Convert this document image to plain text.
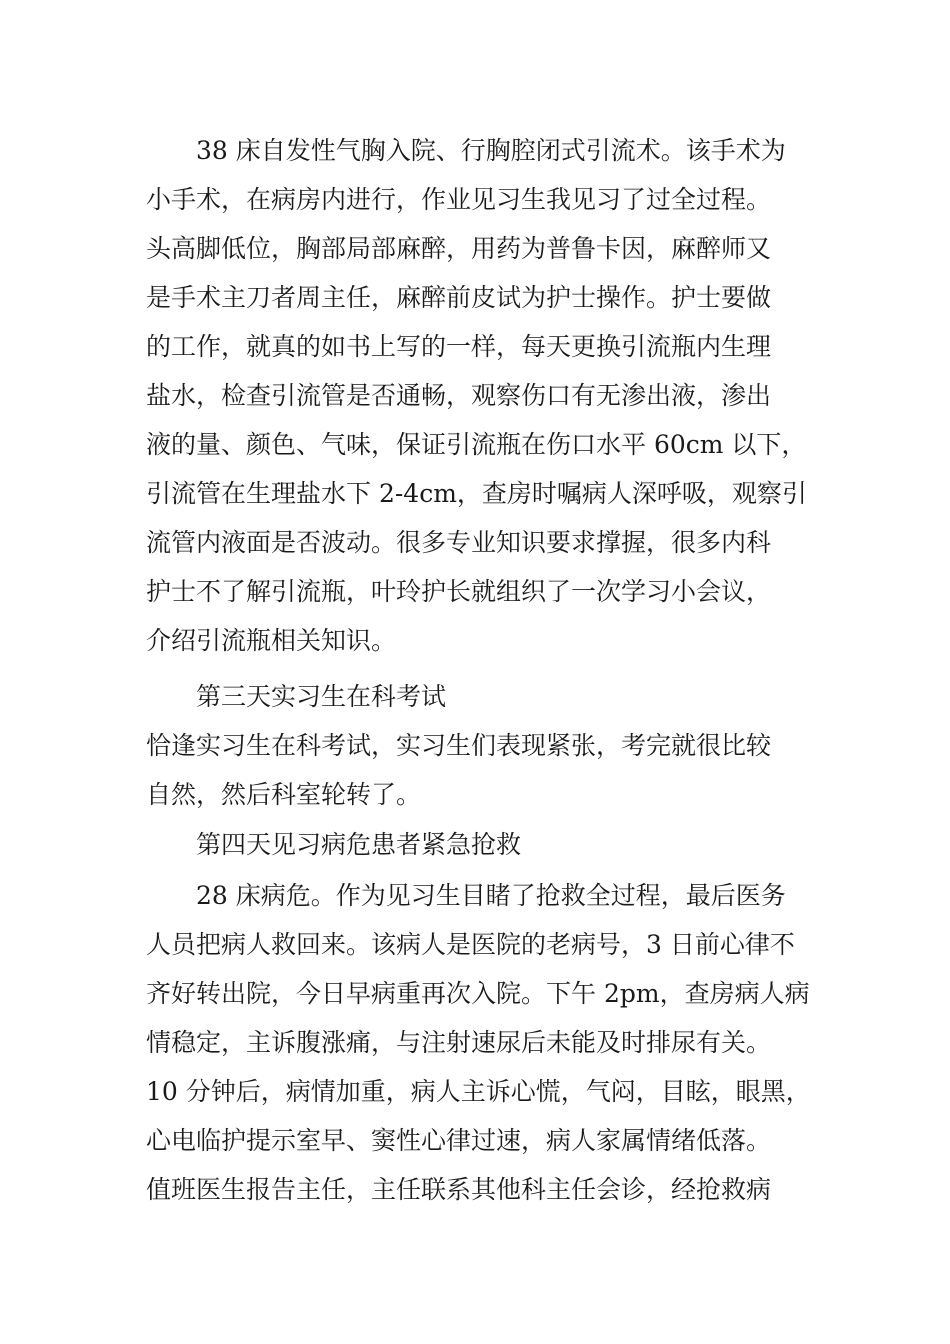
38 床自发性气胸入院、行胸腔闭式引流术。该手术为
小手术，在病房内进行，作业见习生我见习了过全过程。
头高脚低位，胸部局部麻醉，用药为普鲁卡因，麻醉师又
是手术主刀者周主任，麻醉前皮试为护士操作。护士要做
的工作，就真的如书上写的一样，每天更换引流瓶内生理
盐水，检查引流管是否通畅，观察伤口有无渗出液，渗出
液的量、颜色、气味，保证引流瓶在伤口水平 60cm 以下，
引流管在生理盐水下 2-4cm，查房时嘱病人深呼吸，观察引
流管内液面是否波动。很多专业知识要求撑握，很多内科
护士不了解引流瓶，叶玲护长就组织了一次学习小会议，
介绍引流瓶相关知识。
第三天实习生在科考试
恰逢实习生在科考试，实习生们表现紧张，考完就很比较
自然，然后科室轮转了。
第四天见习病危患者紧急抢救
28 床病危。作为见习生目睹了抢救全过程，最后医务
人员把病人救回来。该病人是医院的老病号，3 日前心律不
齐好转出院，今日早病重再次入院。下午 2pm，查房病人病
情稳定，主诉腹涨痛，与注射速尿后未能及时排尿有关。
10 分钟后，病情加重，病人主诉心慌，气闷，目眩，眼黑，
心电临护提示室早、窦性心律过速，病人家属情绪低落。
值班医生报告主任，主任联系其他科主任会诊，经抢救病
